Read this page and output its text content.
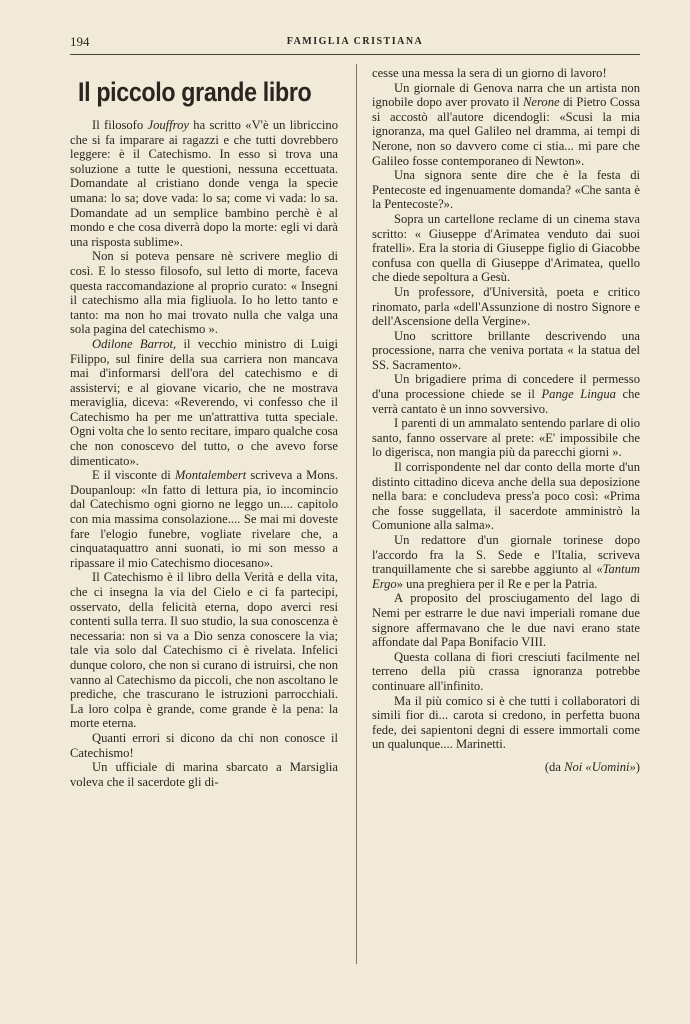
194	FAMIGLIA CRISTIANA
Il piccolo grande libro

Il filosofo Jouffroy ha scritto «V'è un libriccino che si fa imparare ai ragazzi e che tutti dovrebbero leggere: è il Catechismo. In esso si trova una soluzione a tutte le questioni, nessuna eccettuata. Domandate al cristiano donde venga la specie umana: lo sa; dove vada: lo sa; come vi vada: lo sa. Domandate ad un semplice bambino perchè è al mondo e che cosa diverrà dopo la morte: egli vi darà una risposta sublime».

Non si poteva pensare nè scrivere meglio di così. E lo stesso filosofo, sul letto di morte, faceva questa raccomandazione al proprio curato: « Insegni il catechismo alla mia figliuola. Io ho letto tanto e tanto: ma non ho mai trovato nulla che valga una sola pagina del catechismo ».

Odilone Barrot, il vecchio ministro di Luigi Filippo, sul finire della sua carriera non mancava mai d'informarsi dell'ora del catechismo e di assistervi; e al giovane vicario, che ne mostrava meraviglia, diceva: «Reverendo, vi confesso che il Catechismo ha per me un'attrattiva tutta speciale. Ogni volta che lo sento recitare, imparo qualche cosa che non conoscevo del tutto, o che avevo forse dimenticato».

E il visconte di Montalembert scriveva a Mons. Doupanloup: «In fatto di lettura pia, io incomincio dal Catechismo ogni giorno ne leggo un.... capitolo con mia massima consolazione.... Se mai mi doveste fare l'elogio funebre, vogliate rivelare che, a cinquataquattro anni suonati, io mi son messo a ripassare il mio Catechismo diocesano».

Il Catechismo è il libro della Verità e della vita, che ci insegna la via del Cielo e ci fa partecipi, osservato, della felicità eterna, dopo averci resi contenti sulla terra. Il suo studio, la sua conoscenza è necessaria: non si va a Dio senza conoscere la via; tale via solo dal Catechismo ci è rivelata. Infelici dunque coloro, che non si curano di istruirsi, che non vanno al Catechismo da piccoli, che non ascoltano le prediche, che trascurano le istruzioni parrocchiali. La loro colpa è grande, come grande è la pena: la morte eterna.

Quanti errori si dicono da chi non conosce il Catechismo!

Un ufficiale di marina sbarcato a Marsiglia voleva che il sacerdote gli di-

cesse una messa la sera di un giorno di lavoro!

Un giornale di Genova narra che un artista non ignobile dopo aver provato il Nerone di Pietro Cossa si accostò all'autore dicendogli: «Scusi la mia ignoranza, ma quel Galileo nel dramma, ai tempi di Nerone, non so davvero come ci stia... mi pare che Galileo fosse contemporaneo di Newton».

Una signora sente dire che è la festa di Pentecoste ed ingenuamente domanda? «Che santa è la Pentecoste?».

Sopra un cartellone reclame di un cinema stava scritto: « Giuseppe d'Arimatea venduto dai suoi fratelli». Era la storia di Giuseppe figlio di Giacobbe confusa con quella di Giuseppe d'Arimatea, quello che diede sepoltura a Gesù.

Un professore, d'Università, poeta e critico rinomato, parla «dell'Assunzione di nostro Signore e dell'Ascensione della Vergine».

Uno scrittore brillante descrivendo una processione, narra che veniva portata « la statua del SS. Sacramento».

Un brigadiere prima di concedere il permesso d'una processione chiede se il Pange Lingua che verrà cantato è un inno sovversivo.

I parenti di un ammalato sentendo parlare di olio santo, fanno osservare al prete: «E' impossibile che lo digerisca, non mangia più da parecchi giorni ».

Il corrispondente nel dar conto della morte d'un distinto cittadino diceva anche della sua deposizione nella bara: e concludeva press'a poco così: «Prima che fosse suggellata, il sacerdote amministrò la Comunione alla salma».

Un redattore d'un giornale torinese dopo l'accordo fra la S. Sede e l'Italia, scriveva tranquillamente che si sarebbe aggiunto al «Tantum Ergo» una preghiera per il Re e per la Patria.

A proposito del prosciugamento del lago di Nemi per estrarre le due navi imperiali romane due signore affermavano che le due navi erano state affondate dal Papa Bonifacio VIII.

Questa collana di fiori cresciuti facilmente nel terreno della più crassa ignoranza potrebbe continuare all'infinito.

Ma il più comico si è che tutti i collaboratori di simili fior di... carota si credono, in perfetta buona fede, dei sapientoni degni di essere immortali come un qualunque.... Marinetti.

(da Noi «Uomini»)
